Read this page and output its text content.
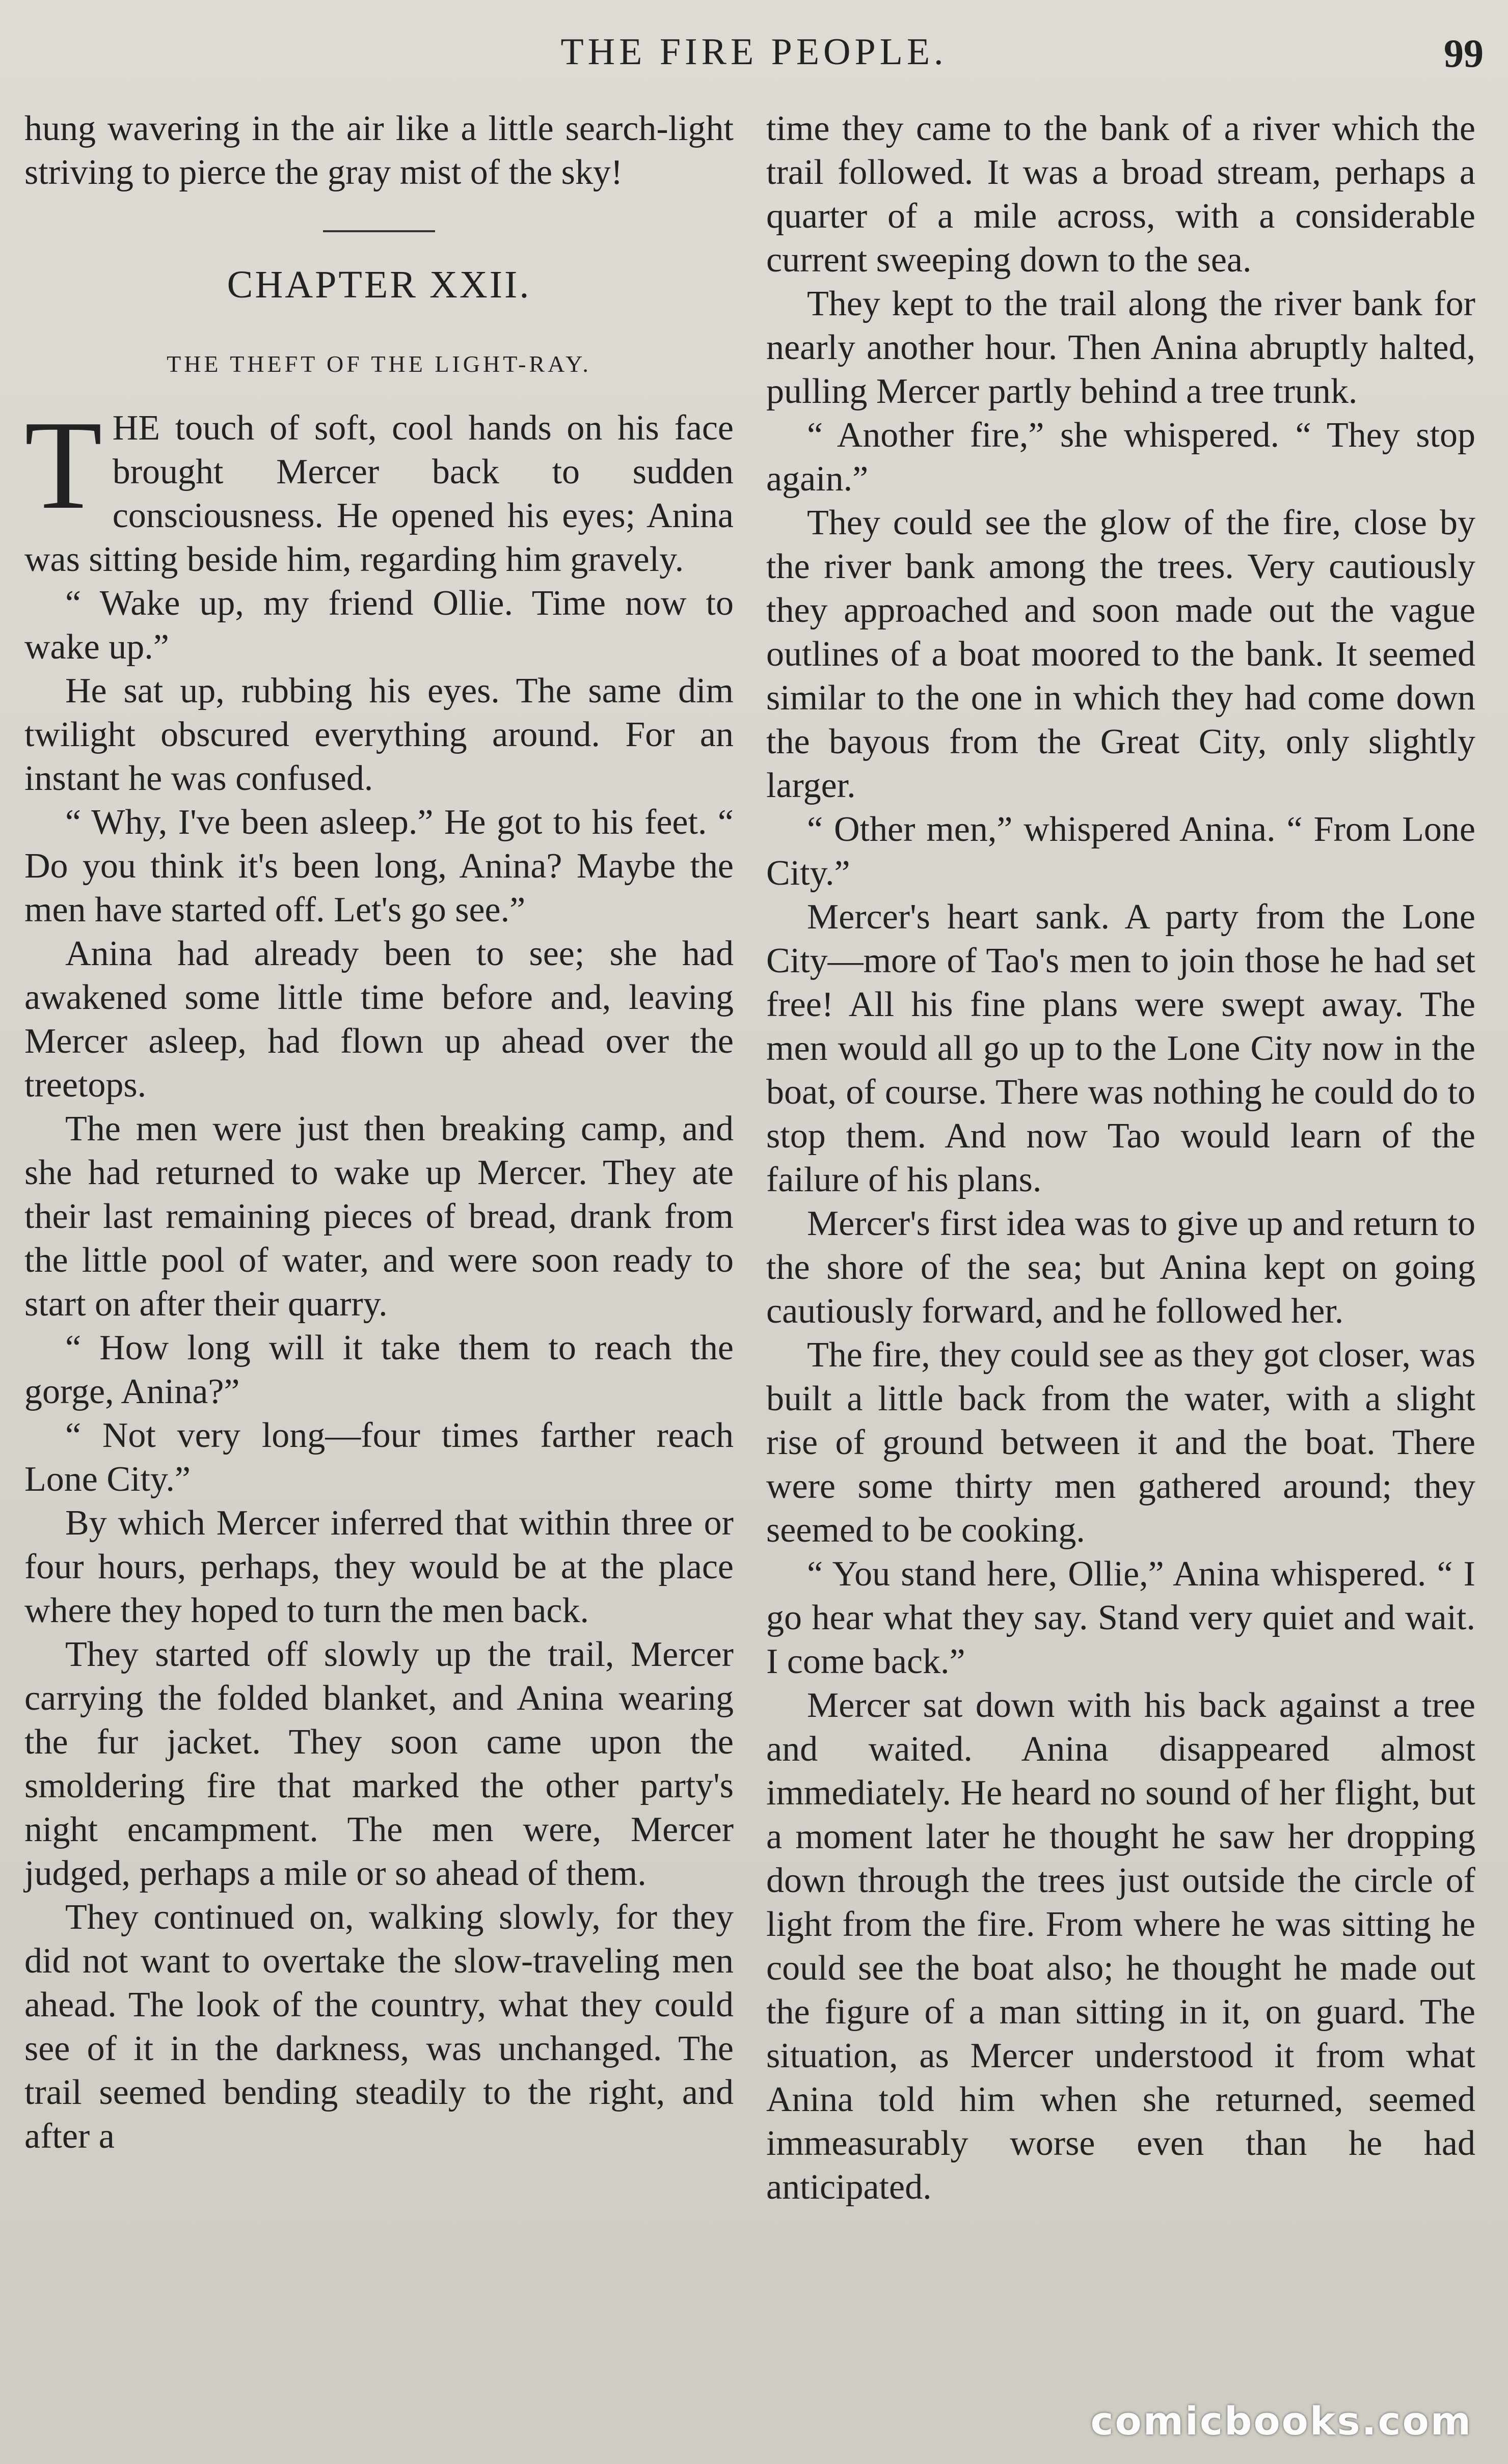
THE FIRE PEOPLE.	99

hung wavering in the air like a little search-light striving to pierce the gray mist of the sky!

CHAPTER XXII.
THE THEFT OF THE LIGHT-RAY.

THE touch of soft, cool hands on his face brought Mercer back to sudden consciousness. He opened his eyes; Anina was sitting beside him, regarding him gravely.

“ Wake up, my friend Ollie. Time now to wake up.”

He sat up, rubbing his eyes. The same dim twilight obscured everything around. For an instant he was confused.

“ Why, I've been asleep.” He got to his feet. “ Do you think it's been long, Anina? Maybe the men have started off. Let's go see.”

Anina had already been to see; she had awakened some little time before and, leaving Mercer asleep, had flown up ahead over the treetops.

The men were just then breaking camp, and she had returned to wake up Mercer. They ate their last remaining pieces of bread, drank from the little pool of water, and were soon ready to start on after their quarry.

“ How long will it take them to reach the gorge, Anina?”

“ Not very long—four times farther reach Lone City.”

By which Mercer inferred that within three or four hours, perhaps, they would be at the place where they hoped to turn the men back.

They started off slowly up the trail, Mercer carrying the folded blanket, and Anina wearing the fur jacket. They soon came upon the smoldering fire that marked the other party's night encampment. The men were, Mercer judged, perhaps a mile or so ahead of them.

They continued on, walking slowly, for they did not want to overtake the slow-traveling men ahead. The look of the country, what they could see of it in the darkness, was unchanged. The trail seemed bending steadily to the right, and after a

time they came to the bank of a river which the trail followed. It was a broad stream, perhaps a quarter of a mile across, with a considerable current sweeping down to the sea.

They kept to the trail along the river bank for nearly another hour. Then Anina abruptly halted, pulling Mercer partly behind a tree trunk.

“ Another fire,” she whispered. “ They stop again.”

They could see the glow of the fire, close by the river bank among the trees. Very cautiously they approached and soon made out the vague outlines of a boat moored to the bank. It seemed similar to the one in which they had come down the bayous from the Great City, only slightly larger.

“ Other men,” whispered Anina. “ From Lone City.”

Mercer's heart sank. A party from the Lone City—more of Tao's men to join those he had set free! All his fine plans were swept away. The men would all go up to the Lone City now in the boat, of course. There was nothing he could do to stop them. And now Tao would learn of the failure of his plans.

Mercer's first idea was to give up and return to the shore of the sea; but Anina kept on going cautiously forward, and he followed her.

The fire, they could see as they got closer, was built a little back from the water, with a slight rise of ground between it and the boat. There were some thirty men gathered around; they seemed to be cooking.

“ You stand here, Ollie,” Anina whispered. “ I go hear what they say. Stand very quiet and wait. I come back.”

Mercer sat down with his back against a tree and waited. Anina disappeared almost immediately. He heard no sound of her flight, but a moment later he thought he saw her dropping down through the trees just outside the circle of light from the fire. From where he was sitting he could see the boat also; he thought he made out the figure of a man sitting in it, on guard. The situation, as Mercer understood it from what Anina told him when she returned, seemed immeasurably worse even than he had anticipated.

comicbooks.com
